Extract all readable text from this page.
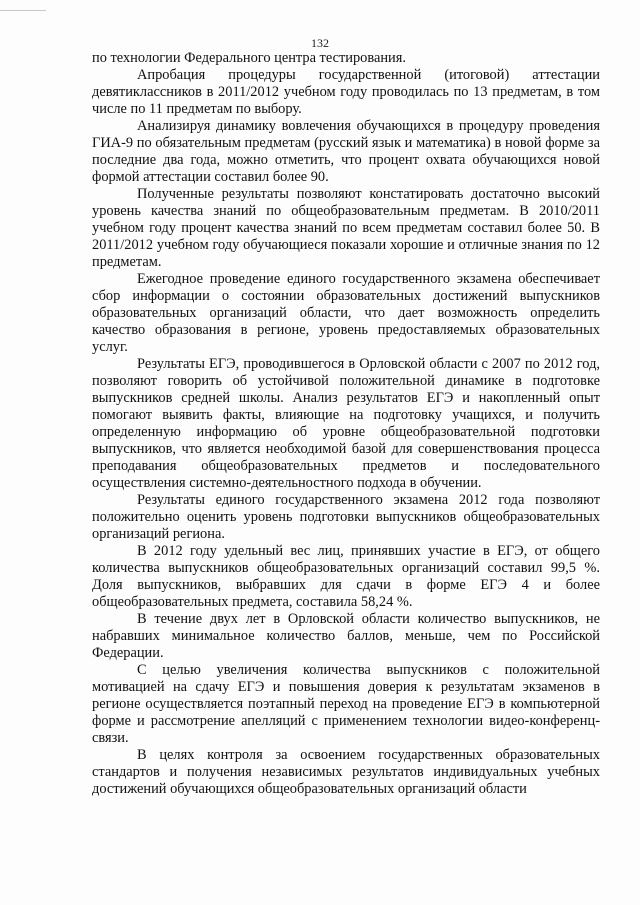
132

по технологии Федерального центра тестирования.

Апробация процедуры государственной (итоговой) аттестации девятиклассников в 2011/2012 учебном году проводилась по 13 предметам, в том числе по 11 предметам по выбору.

Анализируя динамику вовлечения обучающихся в процедуру проведения ГИА-9 по обязательным предметам (русский язык и математика) в новой форме за последние два года, можно отметить, что процент охвата обучающихся новой формой аттестации составил более 90.

Полученные результаты позволяют констатировать достаточно высокий уровень качества знаний по общеобразовательным предметам. В 2010/2011 учебном году процент качества знаний по всем предметам составил более 50. В 2011/2012 учебном году обучающиеся показали хорошие и отличные знания по 12 предметам.

Ежегодное проведение единого государственного экзамена обеспечивает сбор информации о состоянии образовательных достижений выпускников образовательных организаций области, что дает возможность определить качество образования в регионе, уровень предоставляемых образовательных услуг.

Результаты ЕГЭ, проводившегося в Орловской области с 2007 по 2012 год, позволяют говорить об устойчивой положительной динамике в подготовке выпускников средней школы. Анализ результатов ЕГЭ и накопленный опыт помогают выявить факты, влияющие на подготовку учащихся, и получить определенную информацию об уровне общеобразовательной подготовки выпускников, что является необходимой базой для совершенствования процесса преподавания общеобразовательных предметов и последовательного осуществления системно-деятельностного подхода в обучении.

Результаты единого государственного экзамена 2012 года позволяют положительно оценить уровень подготовки выпускников общеобразовательных организаций региона.

В 2012 году удельный вес лиц, принявших участие в ЕГЭ, от общего количества выпускников общеобразовательных организаций составил 99,5 %. Доля выпускников, выбравших для сдачи в форме ЕГЭ 4 и более общеобразовательных предмета, составила 58,24 %.

В течение двух лет в Орловской области количество выпускников, не набравших минимальное количество баллов, меньше, чем по Российской Федерации.

С целью увеличения количества выпускников с положительной мотивацией на сдачу ЕГЭ и повышения доверия к результатам экзаменов в регионе осуществляется поэтапный переход на проведение ЕГЭ в компьютерной форме и рассмотрение апелляций с применением технологии видео-конференц-связи.

В целях контроля за освоением государственных образовательных стандартов и получения независимых результатов индивидуальных учебных достижений обучающихся общеобразовательных организаций области
